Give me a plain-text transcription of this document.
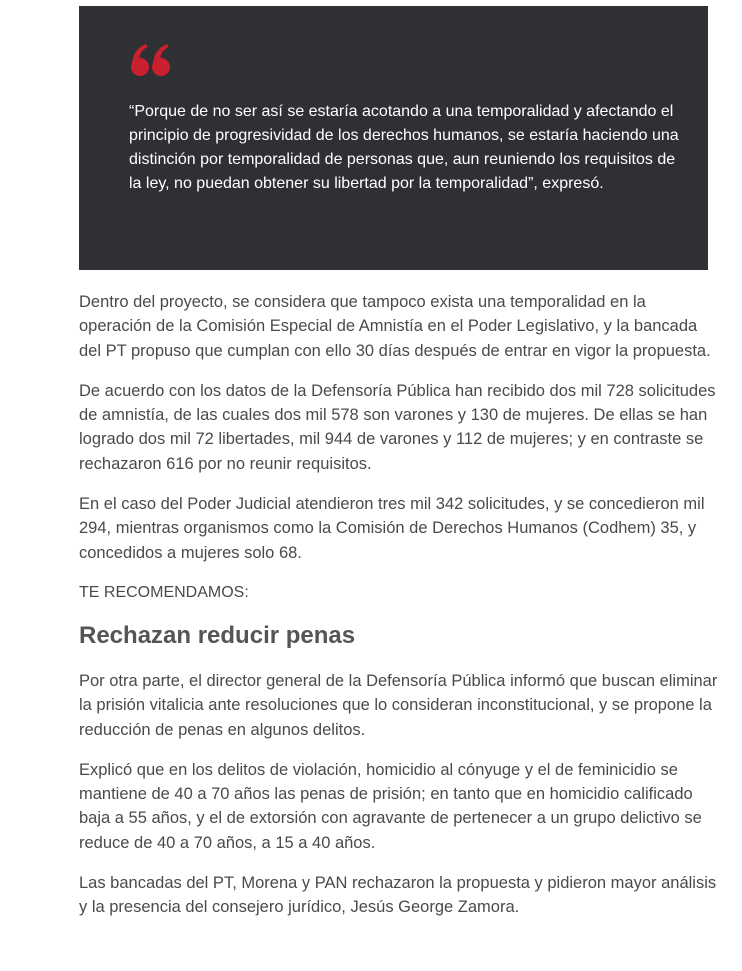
“Porque de no ser así se estaría acotando a una temporalidad y afectando el principio de progresividad de los derechos humanos, se estaría haciendo una distinción por temporalidad de personas que, aun reuniendo los requisitos de la ley, no puedan obtener su libertad por la temporalidad”, expresó.

Dentro del proyecto, se considera que tampoco exista una temporalidad en la operación de la Comisión Especial de Amnistía en el Poder Legislativo, y la bancada del PT propuso que cumplan con ello 30 días después de entrar en vigor la propuesta.

De acuerdo con los datos de la Defensoría Pública han recibido dos mil 728 solicitudes de amnistía, de las cuales dos mil 578 son varones y 130 de mujeres. De ellas se han logrado dos mil 72 libertades, mil 944 de varones y 112 de mujeres; y en contraste se rechazaron 616 por no reunir requisitos.

En el caso del Poder Judicial atendieron tres mil 342 solicitudes, y se concedieron mil 294, mientras organismos como la Comisión de Derechos Humanos (Codhem) 35, y concedidos a mujeres solo 68.

TE RECOMENDAMOS:

Rechazan reducir penas

Por otra parte, el director general de la Defensoría Pública informó que buscan eliminar la prisión vitalicia ante resoluciones que lo consideran inconstitucional, y se propone la reducción de penas en algunos delitos.

Explicó que en los delitos de violación, homicidio al cónyuge y el de feminicidio se mantiene de 40 a 70 años las penas de prisión; en tanto que en homicidio calificado baja a 55 años, y el de extorsión con agravante de pertenecer a un grupo delictivo se reduce de 40 a 70 años, a 15 a 40 años.

Las bancadas del PT, Morena y PAN rechazaron la propuesta y pidieron mayor análisis y la presencia del consejero jurídico, Jesús George Zamora.
